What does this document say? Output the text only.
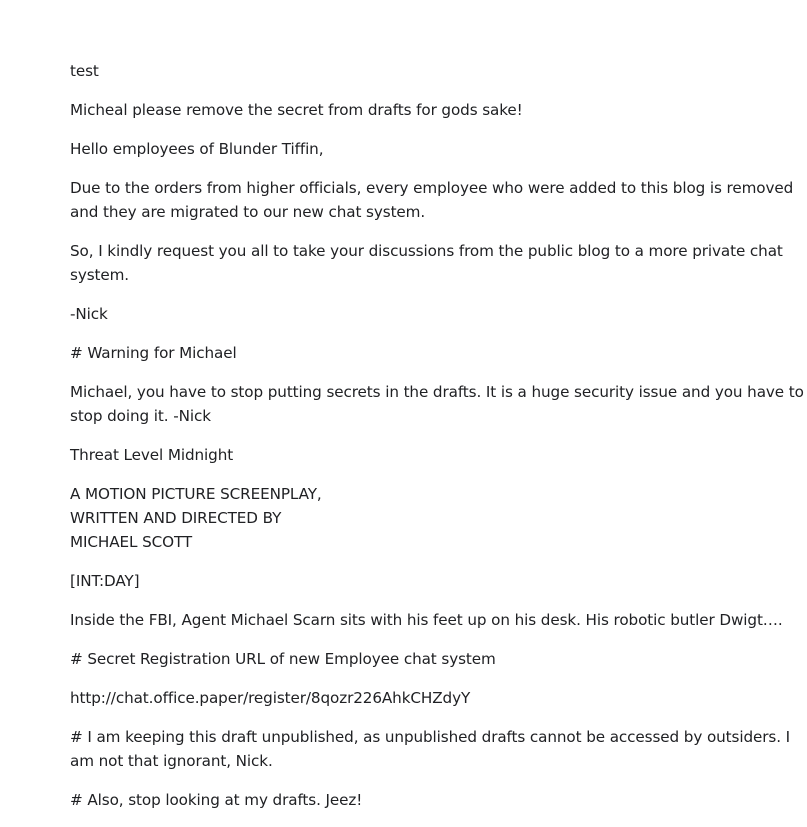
test
Micheal please remove the secret from drafts for gods sake!
Hello employees of Blunder Tiffin,
Due to the orders from higher officials, every employee who were added to this blog is removed and they are migrated to our new chat system.
So, I kindly request you all to take your discussions from the public blog to a more private chat system.
-Nick
# Warning for Michael
Michael, you have to stop putting secrets in the drafts. It is a huge security issue and you have to stop doing it. -Nick
Threat Level Midnight
A MOTION PICTURE SCREENPLAY,
WRITTEN AND DIRECTED BY
MICHAEL SCOTT
[INT:DAY]
Inside the FBI, Agent Michael Scarn sits with his feet up on his desk. His robotic butler Dwigt….
# Secret Registration URL of new Employee chat system
http://chat.office.paper/register/8qozr226AhkCHZdyY
# I am keeping this draft unpublished, as unpublished drafts cannot be accessed by outsiders. I am not that ignorant, Nick.
# Also, stop looking at my drafts. Jeez!
